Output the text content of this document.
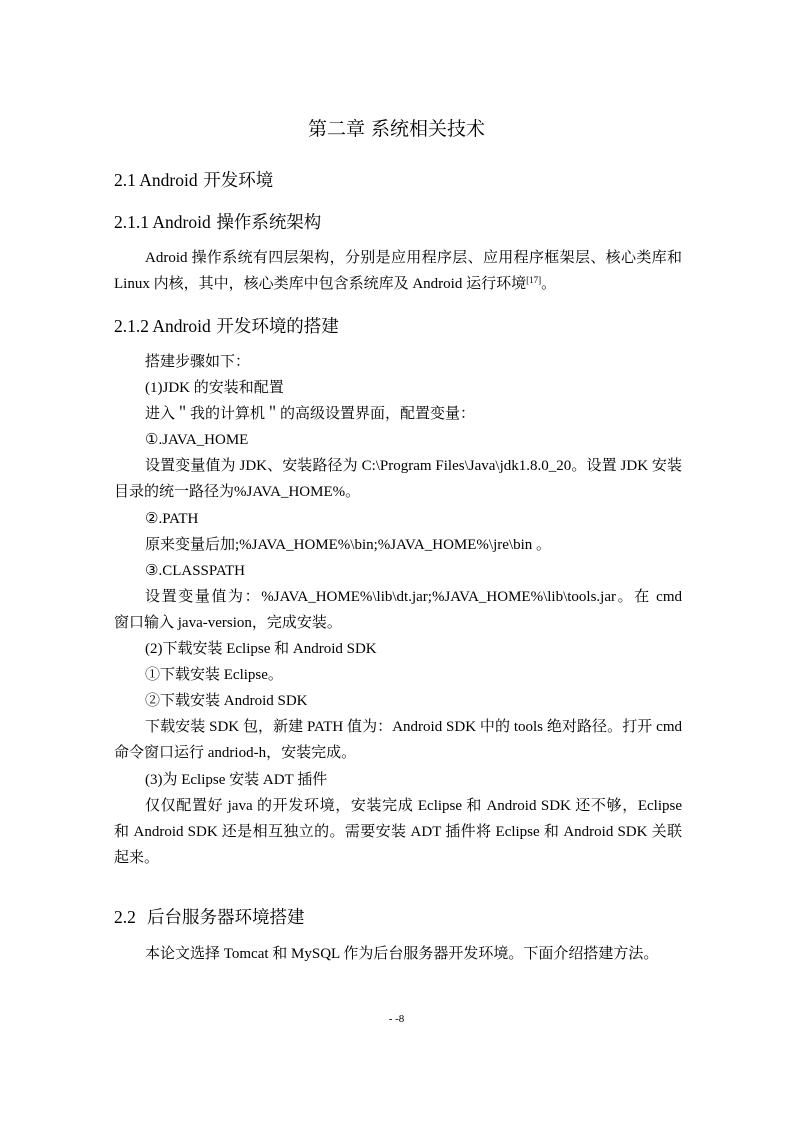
第二章 系统相关技术
2.1 Android 开发环境
2.1.1 Android 操作系统架构

Adroid 操作系统有四层架构，分别是应用程序层、应用程序框架层、核心类库和 Linux 内核，其中，核心类库中包含系统库及 Android 运行环境[17]。

2.1.2 Android 开发环境的搭建

搭建步骤如下：

(1)JDK 的安装和配置

进入＂我的计算机＂的高级设置界面，配置变量：

①.JAVA_HOME

设置变量值为 JDK、安装路径为 C:\Program Files\Java\jdk1.8.0_20。设置 JDK 安装目录的统一路径为%JAVA_HOME%。

②.PATH

原来变量后加;%JAVA_HOME%\bin;%JAVA_HOME%\jre\bin 。

③.CLASSPATH

设置变量值为：%JAVA_HOME%\lib\dt.jar;%JAVA_HOME%\lib\tools.jar。在 cmd 窗口输入 java-version，完成安装。

(2)下载安装 Eclipse 和 Android SDK

①下载安装 Eclipse。

②下载安装 Android SDK

下载安装 SDK 包，新建 PATH 值为：Android SDK 中的 tools 绝对路径。打开 cmd 命令窗口运行 andriod-h，安装完成。

(3)为 Eclipse 安装 ADT 插件

仅仅配置好 java 的开发环境，安装完成 Eclipse 和 Android SDK 还不够，Eclipse 和 Android SDK 还是相互独立的。需要安装 ADT 插件将 Eclipse 和 Android SDK 关联起来。

2.2  后台服务器环境搭建

本论文选择 Tomcat 和 MySQL 作为后台服务器开发环境。下面介绍搭建方法。

- -8
